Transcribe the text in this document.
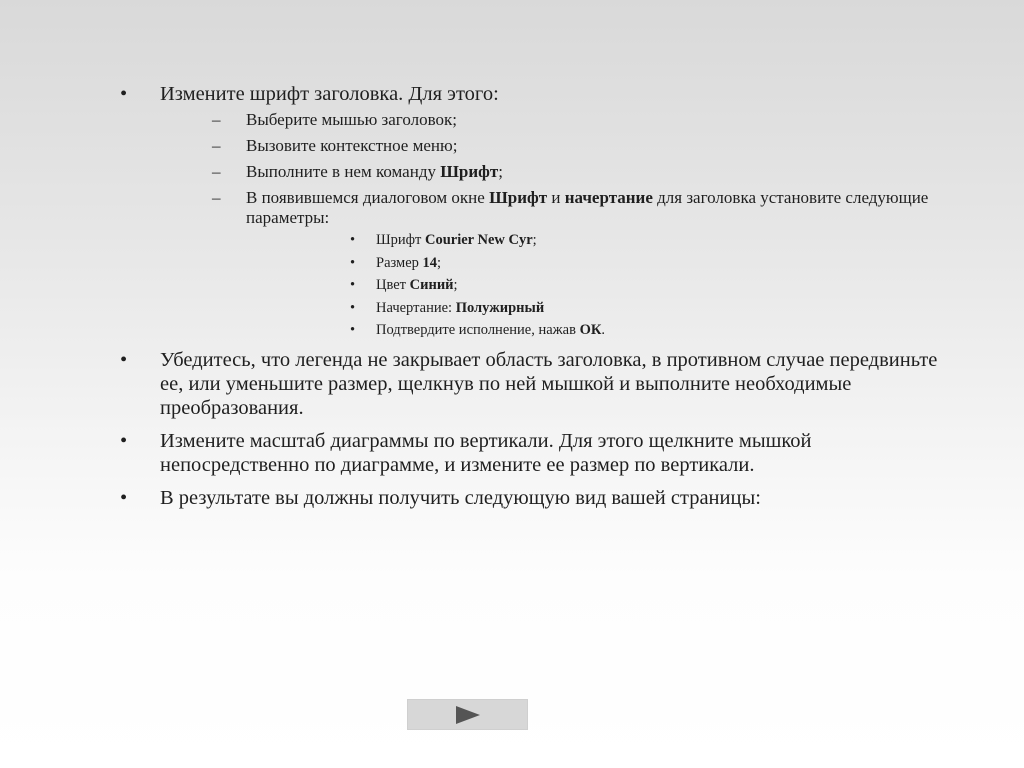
•	Измените шрифт заголовка. Для этого:
– Выберите мышью заголовок;
– Вызовите контекстное меню;
– Выполните в нем команду Шрифт;
– В появившемся диалоговом окне Шрифт и начертание для заголовка установите следующие параметры:
• Шрифт Courier New Cyr;
• Размер 14;
• Цвет Синий;
• Начертание: Полужирный
• Подтвердите исполнение, нажав ОК.
•	Убедитесь, что легенда не закрывает область заголовка, в противном случае передвиньте ее, или уменьшите размер, щелкнув по ней мышкой и выполните необходимые преобразования.
•	Измените масштаб диаграммы по вертикали. Для этого щелкните мышкой непосредственно по диаграмме, и измените ее размер по вертикали.
•	В результате вы должны получить следующую вид вашей страницы:
